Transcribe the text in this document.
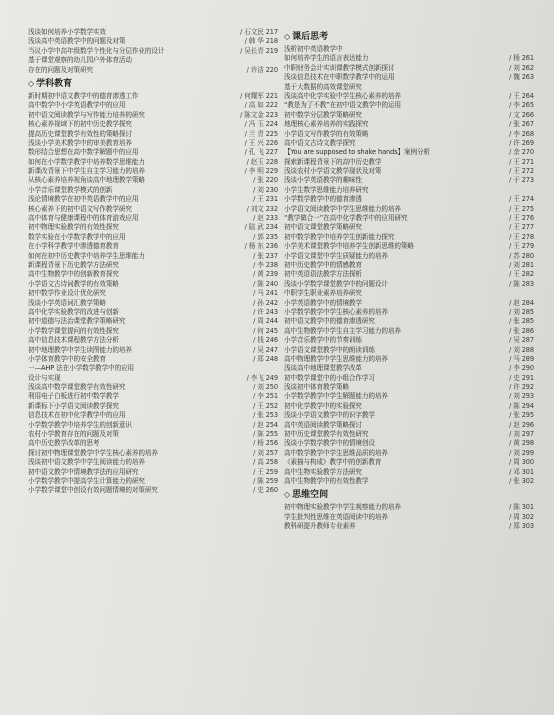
浅谈如何培养小学数学实效	/ 石文民 217
浅谈高中英语教学中的问题及对策	/ 韩 华 218
当议小学中高年级数学个性化与分层作业的设计	/ 吴长青 219
基于课堂观察的幼儿园户外体育活动
存在的问题及对策研究	/ 许洁 220
◇ 学科教育
新时期初中语文教学中的德育渗透工作	/ 何耀军 221
高中数学中小学英语教学中的应用	/ 高 如 222
初中语文阅读教学与写作能力培养的研究	/ 陈文金 223
核心素养视域下的初中历史教学探究	/ 冯 玉 224
提高历史课堂教学有效性的策略探讨	/ 兰 青 225
浅谈小学美术教学中的审美教育培养	/ 王 兴 226
数形结合思想在高中数学解题中的应用	/ 孔 飞 227
如何在小学数学教学中培养数学思维能力	/ 赵玉 228
新课改背景下中学生自主学习能力的培养	/ 李 明 229
从核心素养培养视角谈高中地理教学策略	/ 张 220
小学音乐课堂教学模式的创新	/ 刘 230
浅论情境教学在初中英语教学中的应用	/ 王 231
核心素养下的初中语文写作教学研究	/ 刘文 232
高中体育与健康课程中的体育游戏应用	/ 赵 233
初中物理实验教学的有效性探究	/ 陆 武 234
数学实验在小学数学教学中的应用	/ 郭 235
在小学科学教学中渗透德育教育	/ 杨 东 236
如何在初中历史教学中培养学生思维能力	/ 张 237
新课程背景下历史教学方法研究	/ 李 238
高中生物教学中的创新教育探究	/ 黄 239
小学语文古诗词教学的有效策略	/ 陈 240
初中数学作业设计优化研究	/ 马 241
浅谈小学英语词汇教学策略	/ 孙 242
高中化学实验教学的改进与创新	/ 许 243
初中道德与法治课堂教学策略研究	/ 周 244
小学数学课堂提问的有效性探究	/ 何 245
高中信息技术课程教学方法分析	/ 钱 246
初中地理教学中学生读图能力的培养	/ 吴 247
小学体育教学中的安全教育	/ 郑 248
一—AHP 法在小学数学教学中的应用
设计与实现	/ 李飞 249
浅谈高中数学课堂教学有效性研究	/ 刘 250
利用电子白板进行初中数学教学	/ 李 251
新课标下小学语文阅读教学探究	/ 王 252
信息技术在初中化学教学中的应用	/ 张 253
小学数学教学中培养学生的创新意识	/ 赵 254
农村小学教育存在的问题及对策	/ 陈 255
高中历史教学改革的思考	/ 杨 256
探讨初中物理课堂教学中学生核心素养的培养	/ 刘 257
浅谈初中语文教学中学生阅读能力的培养	/ 高 258
初中语文教学中情境教学法的应用研究	/ 王 259
小学数学教学中提高学生计算能力的研究	/ 陈 259
小学数学课堂中创设有效问题情境的对策研究	/ 史 260
◇ 课后思考
浅析初中英语教学中
如何培养学生的语言表达能力	/ 杨 261
中职财务会计实训课教学模式创新探讨	/ 刘 262
浅谈信息技术在中职数学教学中的运用	/ 魏 263
基于大数据的高效课堂研究
浅谈高中化学实验中学生核心素养的培养	/ 王 264
“教是为了不教”在初中语文教学中的运用	/ 李 265
初中数学分层教学策略研究	/ 文 266
地理核心素养培养的实践探究	/ 张 267
小学语文写作教学的有效策略	/ 李 268
高中语文古诗文教学探究	/ 许 269
【You are supposed to shake hands】案例分析	/ 余 270
探索新课程背景下的高中历史教学	/ 王 271
浅谈农村小学语文教学现状及对策	/ 王 272
浅谈小学英语教学的趣味性	/ 于 273
小学生数学思维能力培养研究
小学数学教学中的德育渗透	/ 王 274
小学语文阅读教学中学生思维能力的培养	/ 王 275
“教学做合一”在高中化学教学中的应用研究	/ 王 276
初中语文课堂教学策略研究	/ 王 277
初中数学教学中培养学生创新能力探究	/ 王 278
小学美术课堂教学中培养学生创新思维的策略	/ 王 279
小学语文课堂中学生质疑能力的培养	/ 苏 280
初中历史教学中的情感教育	/ 刘 281
初中英语语法教学方法探析	/ 王 282
浅谈小学数学课堂教学中的问题设计	/ 陈 283
中职学生职业素养培养研究
小学英语教学中的情境教学	/ 赵 284
小学数学教学中学生核心素养的培养	/ 刘 285
初中语文教学中的德育渗透研究	/ 张 285
高中生物教学中学生自主学习能力的培养	/ 张 286
小学音乐教学中的节奏训练	/ 吴 287
小学语文课堂教学中的朗读训练	/ 刘 288
高中物理教学中学生思维能力的培养	/ 马 289
浅谈高中地理课堂教学改革	/ 李 290
初中数学课堂中的小组合作学习	/ 史 291
浅谈初中体育教学策略	/ 许 292
小学数学教学中学生解题能力的培养	/ 刘 293
初中化学教学中的实验探究	/ 陈 294
浅谈小学语文教学中的识字教学	/ 张 295
高中英语阅读教学策略探讨	/ 赵 296
初中历史课堂教学有效性研究	/ 刘 297
浅谈小学数学教学中的情境创设	/ 黄 298
高中数学教学中学生思维品质的培养	/ 刘 299
《素描与构成》教学中的创新教育	/ 周 300
高中生物实验教学方法研究	/ 邓 301
高中生物教学中的有效性教学	/ 张 302
◇ 思维空间
初中物理实验教学中学生观察能力的培养	/ 陈 301
学生批判性思维在英语阅读中的培养	/ 周 302
教科研提升教师专业素养	/ 郑 303
